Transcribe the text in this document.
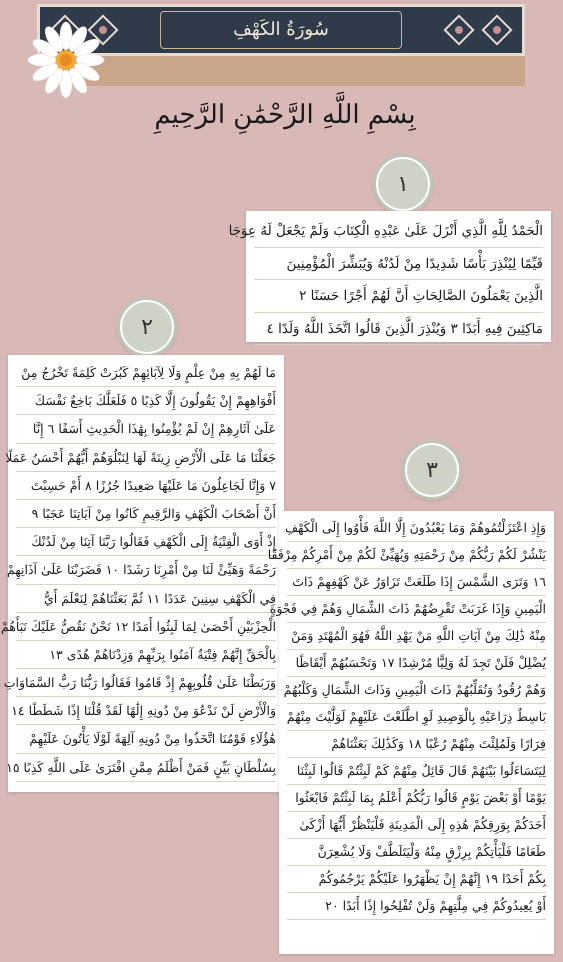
سُورَةُ الكَهْفِ
بِسْمِ اللَّهِ الرَّحْمَٰنِ الرَّحِيمِ
١
٢
٣
الْحَمْدُ لِلَّهِ الَّذِي أَنْزَلَ عَلَىٰ عَبْدِهِ الْكِتَابَ وَلَمْ يَجْعَلْ لَهُ عِوَجَا
قَيِّمًا لِيُنْذِرَ بَأْسًا شَدِيدًا مِنْ لَدُنْهُ وَيُبَشِّرَ الْمُؤْمِنِينَ
الَّذِينَ يَعْمَلُونَ الصَّالِحَاتِ أَنَّ لَهُمْ أَجْرًا حَسَنًا ٢
مَاكِثِينَ فِيهِ أَبَدًا ٣ وَيُنْذِرَ الَّذِينَ قَالُوا اتَّخَذَ اللَّهُ وَلَدًا ٤
مَا لَهُمْ بِهِ مِنْ عِلْمٍ وَلَا لِآبَائِهِمْ كَبُرَتْ كَلِمَةً تَخْرُجُ مِنْ
أَفْوَاهِهِمْ إِنْ يَقُولُونَ إِلَّا كَذِبًا ٥ فَلَعَلَّكَ بَاخِعٌ نَفْسَكَ
عَلَىٰ آثَارِهِمْ إِنْ لَمْ يُؤْمِنُوا بِهَٰذَا الْحَدِيثِ أَسَفًا ٦ إِنَّا
جَعَلْنَا مَا عَلَى الْأَرْضِ زِينَةً لَهَا لِنَبْلُوَهُمْ أَيُّهُمْ أَحْسَنُ عَمَلًا
٧ وَإِنَّا لَجَاعِلُونَ مَا عَلَيْهَا صَعِيدًا جُرُزًا ٨ أَمْ حَسِبْتَ
أَنَّ أَصْحَابَ الْكَهْفِ وَالرَّقِيمِ كَانُوا مِنْ آيَاتِنَا عَجَبًا ٩
إِذْ أَوَى الْفِتْيَةُ إِلَى الْكَهْفِ فَقَالُوا رَبَّنَا آتِنَا مِنْ لَدُنْكَ
رَحْمَةً وَهَيِّئْ لَنَا مِنْ أَمْرِنَا رَشَدًا ١٠ فَضَرَبْنَا عَلَىٰ آذَانِهِمْ
فِي الْكَهْفِ سِنِينَ عَدَدًا ١١ ثُمَّ بَعَثْنَاهُمْ لِنَعْلَمَ أَيُّ
الْحِزْبَيْنِ أَحْصَىٰ لِمَا لَبِثُوا أَمَدًا ١٢ نَحْنُ نَقُصُّ عَلَيْكَ نَبَأَهُمْ
بِالْحَقِّ إِنَّهُمْ فِتْيَةٌ آمَنُوا بِرَبِّهِمْ وَزِدْنَاهُمْ هُدًى ١٣
وَرَبَطْنَا عَلَىٰ قُلُوبِهِمْ إِذْ قَامُوا فَقَالُوا رَبُّنَا رَبُّ السَّمَاوَاتِ
وَالْأَرْضِ لَنْ نَدْعُوَ مِنْ دُونِهِ إِلَٰهًا لَقَدْ قُلْنَا إِذًا شَطَطًا ١٤
هَٰؤُلَاءِ قَوْمُنَا اتَّخَذُوا مِنْ دُونِهِ آلِهَةً لَوْلَا يَأْتُونَ عَلَيْهِمْ
بِسُلْطَانٍ بَيِّنٍ فَمَنْ أَظْلَمُ مِمَّنِ افْتَرَىٰ عَلَى اللَّهِ كَذِبًا ١٥
وَإِذِ اعْتَزَلْتُمُوهُمْ وَمَا يَعْبُدُونَ إِلَّا اللَّهَ فَأْوُوا إِلَى الْكَهْفِ
يَنْشُرْ لَكُمْ رَبُّكُمْ مِنْ رَحْمَتِهِ وَيُهَيِّئْ لَكُمْ مِنْ أَمْرِكُمْ مِرْفَقًا
١٦ وَتَرَى الشَّمْسَ إِذَا طَلَعَتْ تَزَاوَرُ عَنْ كَهْفِهِمْ ذَاتَ
الْيَمِينِ وَإِذَا غَرَبَتْ تَقْرِضُهُمْ ذَاتَ الشِّمَالِ وَهُمْ فِي فَجْوَةٍ
مِنْهُ ذَٰلِكَ مِنْ آيَاتِ اللَّهِ مَنْ يَهْدِ اللَّهُ فَهُوَ الْمُهْتَدِ وَمَنْ
يُضْلِلْ فَلَنْ تَجِدَ لَهُ وَلِيًّا مُرْشِدًا ١٧ وَتَحْسَبُهُمْ أَيْقَاظًا
وَهُمْ رُقُودٌ وَنُقَلِّبُهُمْ ذَاتَ الْيَمِينِ وَذَاتَ الشِّمَالِ وَكَلْبُهُمْ
بَاسِطٌ ذِرَاعَيْهِ بِالْوَصِيدِ لَوِ اطَّلَعْتَ عَلَيْهِمْ لَوَلَّيْتَ مِنْهُمْ
فِرَارًا وَلَمُلِئْتَ مِنْهُمْ رُعْبًا ١٨ وَكَذَٰلِكَ بَعَثْنَاهُمْ
لِيَتَسَاءَلُوا بَيْنَهُمْ قَالَ قَائِلٌ مِنْهُمْ كَمْ لَبِثْتُمْ قَالُوا لَبِثْنَا
يَوْمًا أَوْ بَعْضَ يَوْمٍ قَالُوا رَبُّكُمْ أَعْلَمُ بِمَا لَبِثْتُمْ فَابْعَثُوا
أَحَدَكُمْ بِوَرِقِكُمْ هَٰذِهِ إِلَى الْمَدِينَةِ فَلْيَنْظُرْ أَيُّهَا أَزْكَىٰ
طَعَامًا فَلْيَأْتِكُمْ بِرِزْقٍ مِنْهُ وَلْيَتَلَطَّفْ وَلَا يُشْعِرَنَّ
بِكُمْ أَحَدًا ١٩ إِنَّهُمْ إِنْ يَظْهَرُوا عَلَيْكُمْ يَرْجُمُوكُمْ
أَوْ يُعِيدُوكُمْ فِي مِلَّتِهِمْ وَلَنْ تُفْلِحُوا إِذًا أَبَدًا ٢٠
